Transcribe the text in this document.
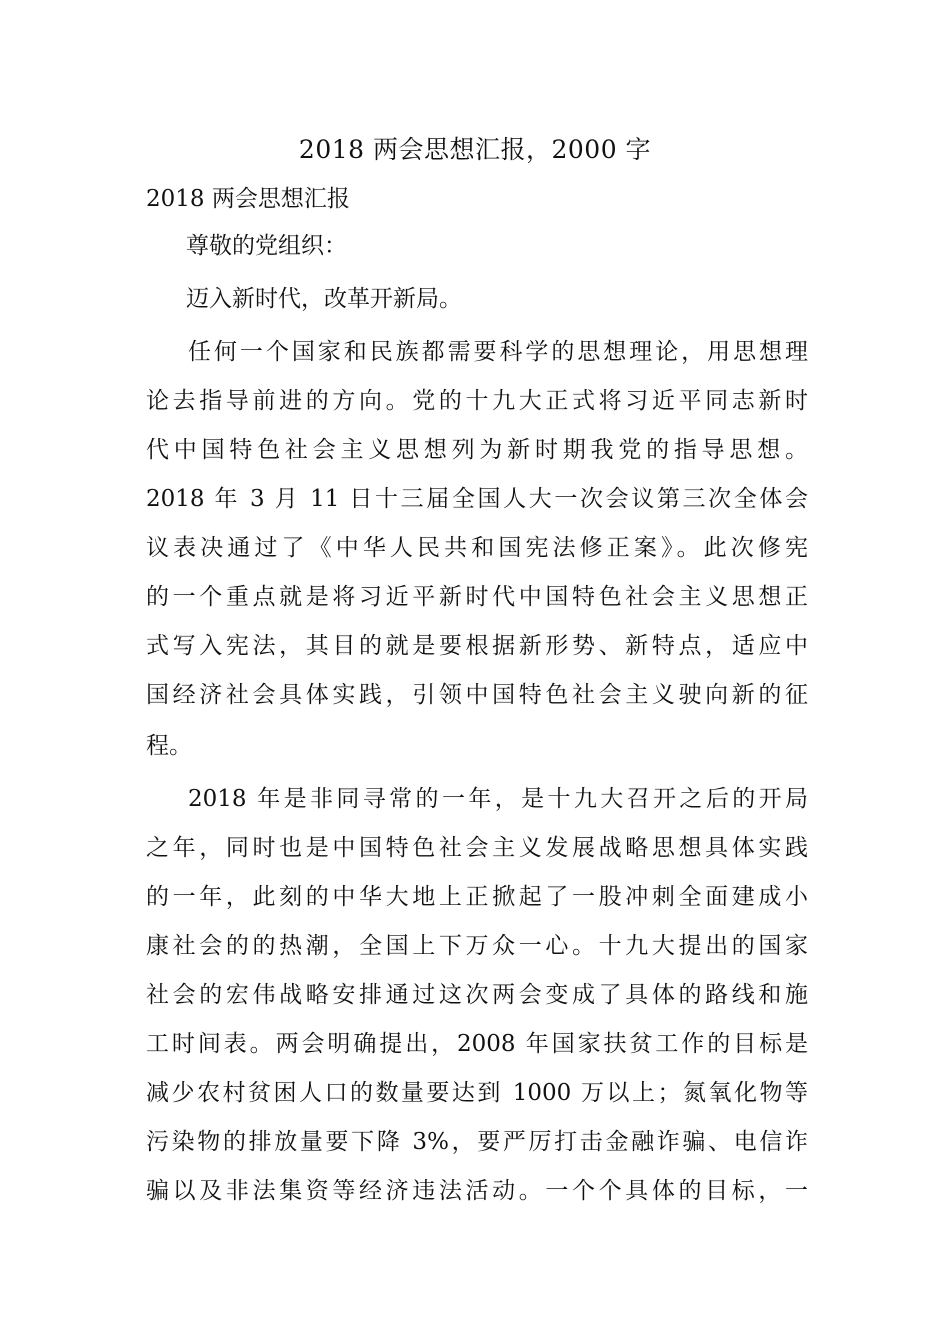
2018 两会思想汇报，2000 字
2018 两会思想汇报
尊敬的党组织：
迈入新时代，改革开新局。
任何一个国家和民族都需要科学的思想理论，用思想理
论去指导前进的方向。党的十九大正式将习近平同志新时
代中国特色社会主义思想列为新时期我党的指导思想。
2018 年 3 月 11 日十三届全国人大一次会议第三次全体会
议表决通过了《中华人民共和国宪法修正案》。此次修宪
的一个重点就是将习近平新时代中国特色社会主义思想正
式写入宪法，其目的就是要根据新形势、新特点，适应中
国经济社会具体实践，引领中国特色社会主义驶向新的征
程。
2018 年是非同寻常的一年，是十九大召开之后的开局
之年，同时也是中国特色社会主义发展战略思想具体实践
的一年，此刻的中华大地上正掀起了一股冲刺全面建成小
康社会的的热潮，全国上下万众一心。十九大提出的国家
社会的宏伟战略安排通过这次两会变成了具体的路线和施
工时间表。两会明确提出，2008 年国家扶贫工作的目标是
减少农村贫困人口的数量要达到 1000 万以上；氮氧化物等
污染物的排放量要下降 3%，要严厉打击金融诈骗、电信诈
骗以及非法集资等经济违法活动。一个个具体的目标，一
